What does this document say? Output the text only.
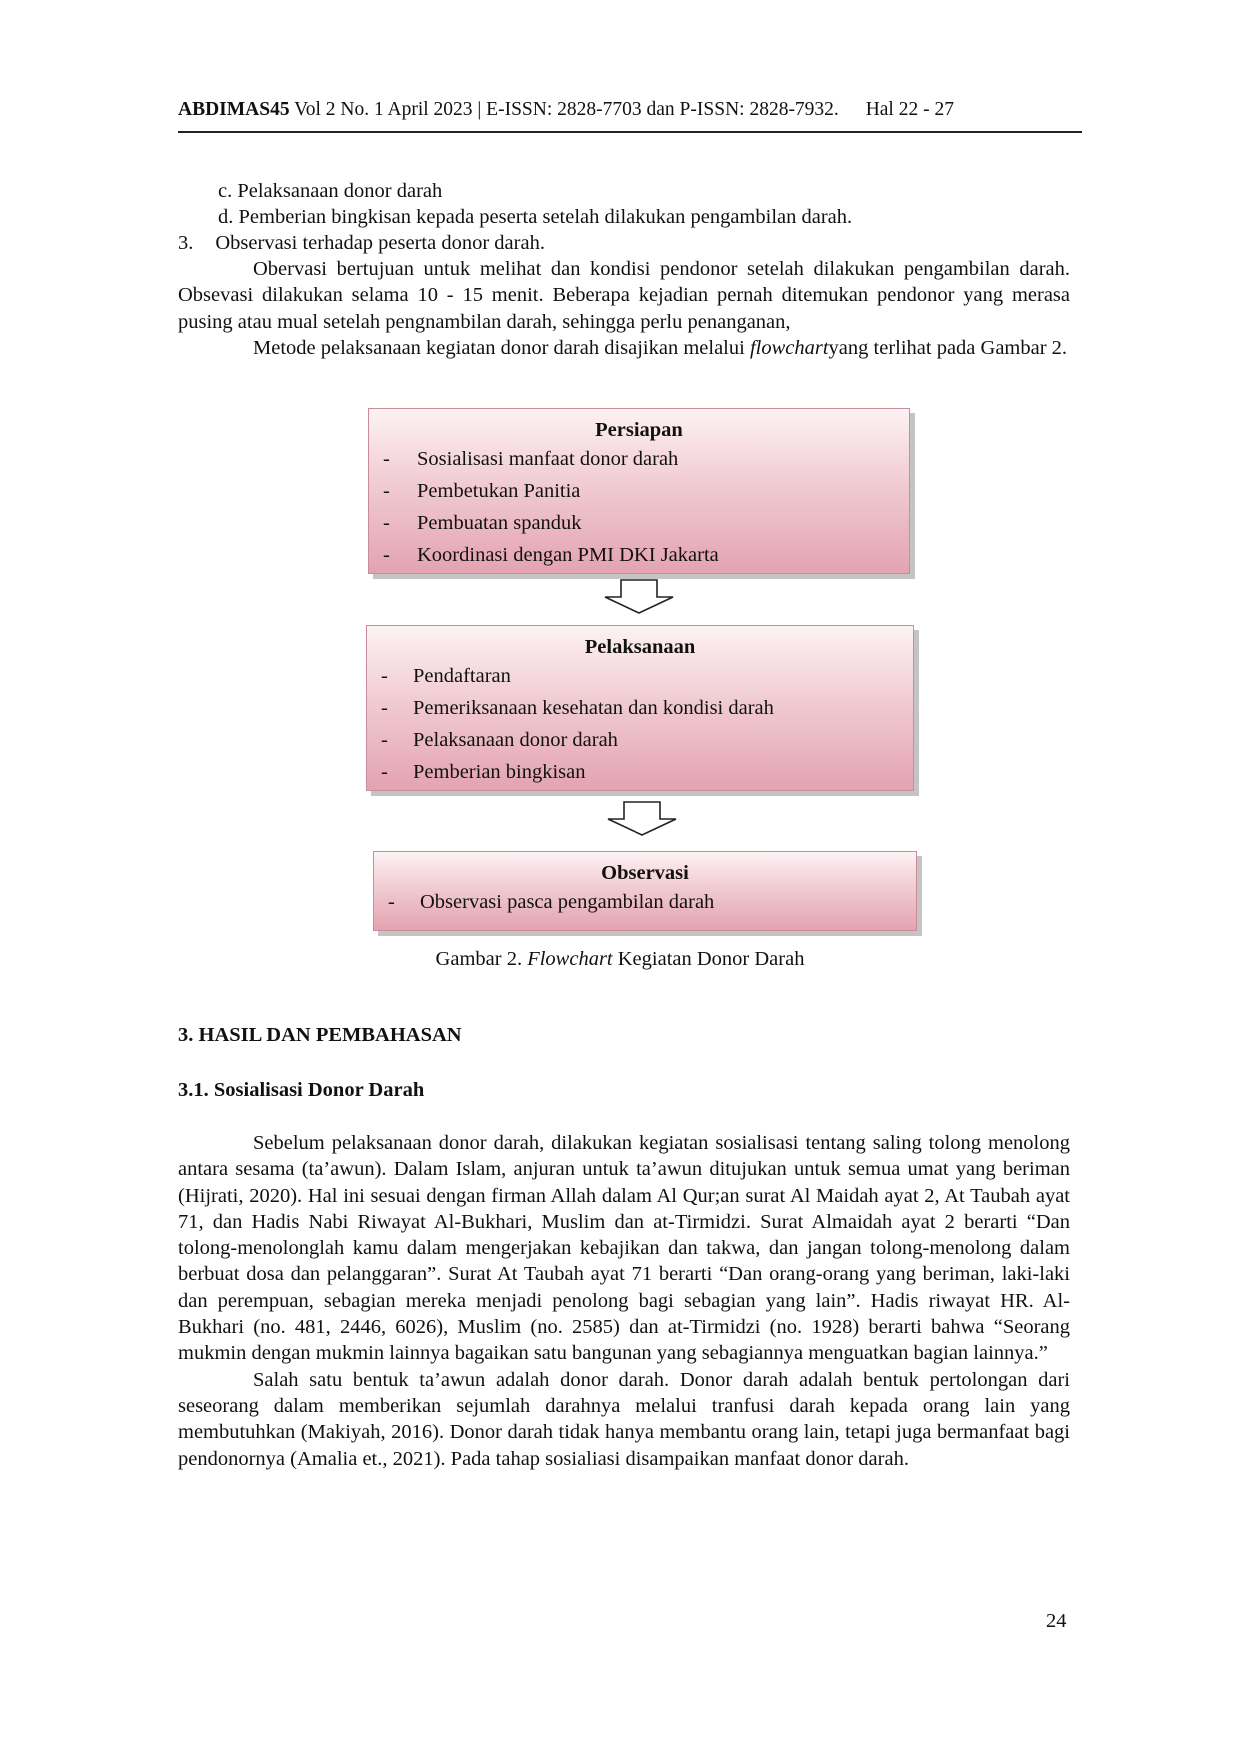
ABDIMAS45 Vol 2 No. 1 April 2023 | E-ISSN: 2828-7703 dan P-ISSN: 2828-7932. Hal 22 - 27
c. Pelaksanaan donor darah
d. Pemberian bingkisan kepada peserta setelah dilakukan pengambilan darah.
3. Observasi terhadap peserta donor darah.

Obervasi bertujuan untuk melihat dan kondisi pendonor setelah dilakukan pengambilan darah. Obsevasi dilakukan selama 10 - 15 menit. Beberapa kejadian pernah ditemukan pendonor yang merasa pusing atau mual setelah pengnambilan darah, sehingga perlu penanganan,

Metode pelaksanaan kegiatan donor darah disajikan melalui flowchartyang terlihat pada Gambar 2.

Persiapan
- Sosialisasi manfaat donor darah
- Pembetukan Panitia
- Pembuatan spanduk
- Koordinasi dengan PMI DKI Jakarta
Pelaksanaan
- Pendaftaran
- Pemeriksanaan kesehatan dan kondisi darah
- Pelaksanaan donor darah
- Pemberian bingkisan
Observasi
- Observasi pasca pengambilan darah
Gambar 2. Flowchart Kegiatan Donor Darah
3. HASIL DAN PEMBAHASAN
3.1. Sosialisasi Donor Darah

Sebelum pelaksanaan donor darah, dilakukan kegiatan sosialisasi tentang saling tolong menolong antara sesama (ta’awun). Dalam Islam, anjuran untuk ta’awun ditujukan untuk semua umat yang beriman (Hijrati, 2020). Hal ini sesuai dengan firman Allah dalam Al Qur;an surat Al Maidah ayat 2, At Taubah ayat 71, dan Hadis Nabi Riwayat Al-Bukhari, Muslim dan at-Tirmidzi. Surat Almaidah ayat 2 berarti “Dan tolong-menolonglah kamu dalam mengerjakan kebajikan dan takwa, dan jangan tolong-menolong dalam berbuat dosa dan pelanggaran”. Surat At Taubah ayat 71 berarti “Dan orang-orang yang beriman, laki-laki dan perempuan, sebagian mereka menjadi penolong bagi sebagian yang lain”. Hadis riwayat HR. Al-Bukhari (no. 481, 2446, 6026), Muslim (no. 2585) dan at-Tirmidzi (no. 1928) berarti bahwa “Seorang mukmin dengan mukmin lainnya bagaikan satu bangunan yang sebagiannya menguatkan bagian lainnya.”

Salah satu bentuk ta’awun adalah donor darah. Donor darah adalah bentuk pertolongan dari seseorang dalam memberikan sejumlah darahnya melalui tranfusi darah kepada orang lain yang membutuhkan (Makiyah, 2016). Donor darah tidak hanya membantu orang lain, tetapi juga bermanfaat bagi pendonornya (Amalia et., 2021). Pada tahap sosialiasi disampaikan manfaat donor darah.

24
